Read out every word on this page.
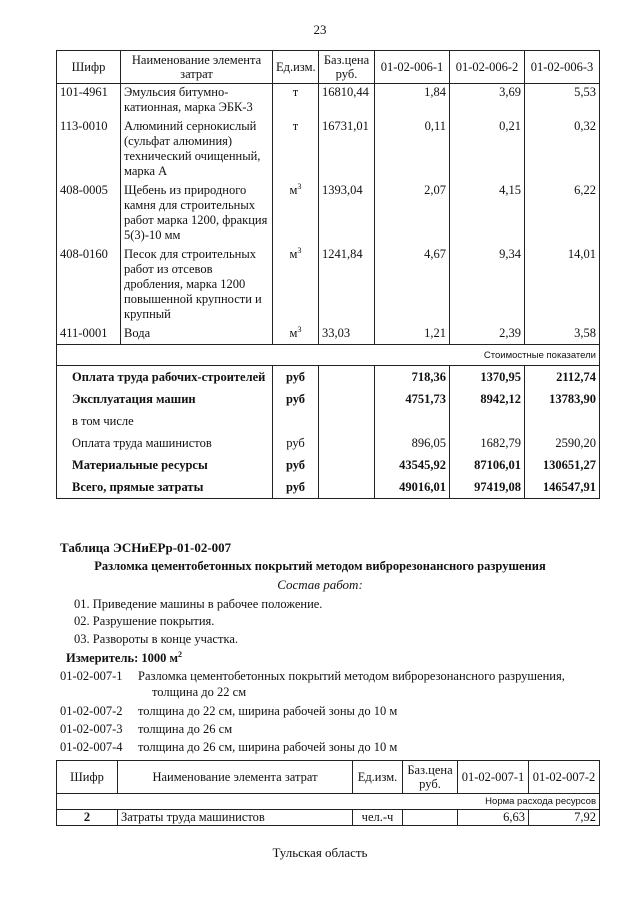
23
Шифр	Наименование элемента затрат	Ед.изм.	Баз.цена руб.	01-02-006-1	01-02-006-2	01-02-006-3
101-4961	Эмульсия битумно-катионная, марка ЭБК-3	т	16810,44	1,84	3,69	5,53
113-0010	Алюминий сернокислый (сульфат алюминия) технический очищенный, марка А	т	16731,01	0,11	0,21	0,32
408-0005	Щебень из природного камня для строительных работ марка 1200, фракция 5(3)-10 мм	$м^3$	1393,04	2,07	4,15	6,22
408-0160	Песок для строительных работ из отсевов дробления, марка 1200 повышенной крупности и крупный	$м^3$	1241,84	4,67	9,34	14,01
411-0001	Вода	$м^3$	33,03	1,21	2,39	3,58
Стоимостные показатели						
Оплата труда рабочих-строителей		руб		718,36	1370,95	2112,74
Эксплуатация машин		руб		4751,73	8942,12	13783,90
в том числе						
Оплата труда машинистов		руб		896,05	1682,79	2590,20
Материальные ресурсы		руб		43545,92	87106,01	130651,27
Всего, прямые затраты		руб		49016,01	97419,08	146547,91
Таблица ЭСНиЕРр-01-02-007
Разломка цементобетонных покрытий методом виброрезонансного разрушения
Состав работ:
01. Приведение машины в рабочее положение.
02. Разрушение покрытия.
03. Развороты в конце участка.
Измеритель: 1000 $м^2$
01-02-007-1 Разломка цементобетонных покрытий методом виброрезонансного разрушения,
толщина до 22 см
01-02-007-2 толщина до 22 см, ширина рабочей зоны до 10 м
01-02-007-3 толщина до 26 см
01-02-007-4 толщина до 26 см, ширина рабочей зоны до 10 м
Шифр	Наименование элемента затрат	Ед.изм.	Баз.цена руб.	01-02-007-1	01-02-007-2
Норма расхода ресурсов					
2	Затраты труда машинистов	чел.-ч		6,63	7,92
Тульская область
